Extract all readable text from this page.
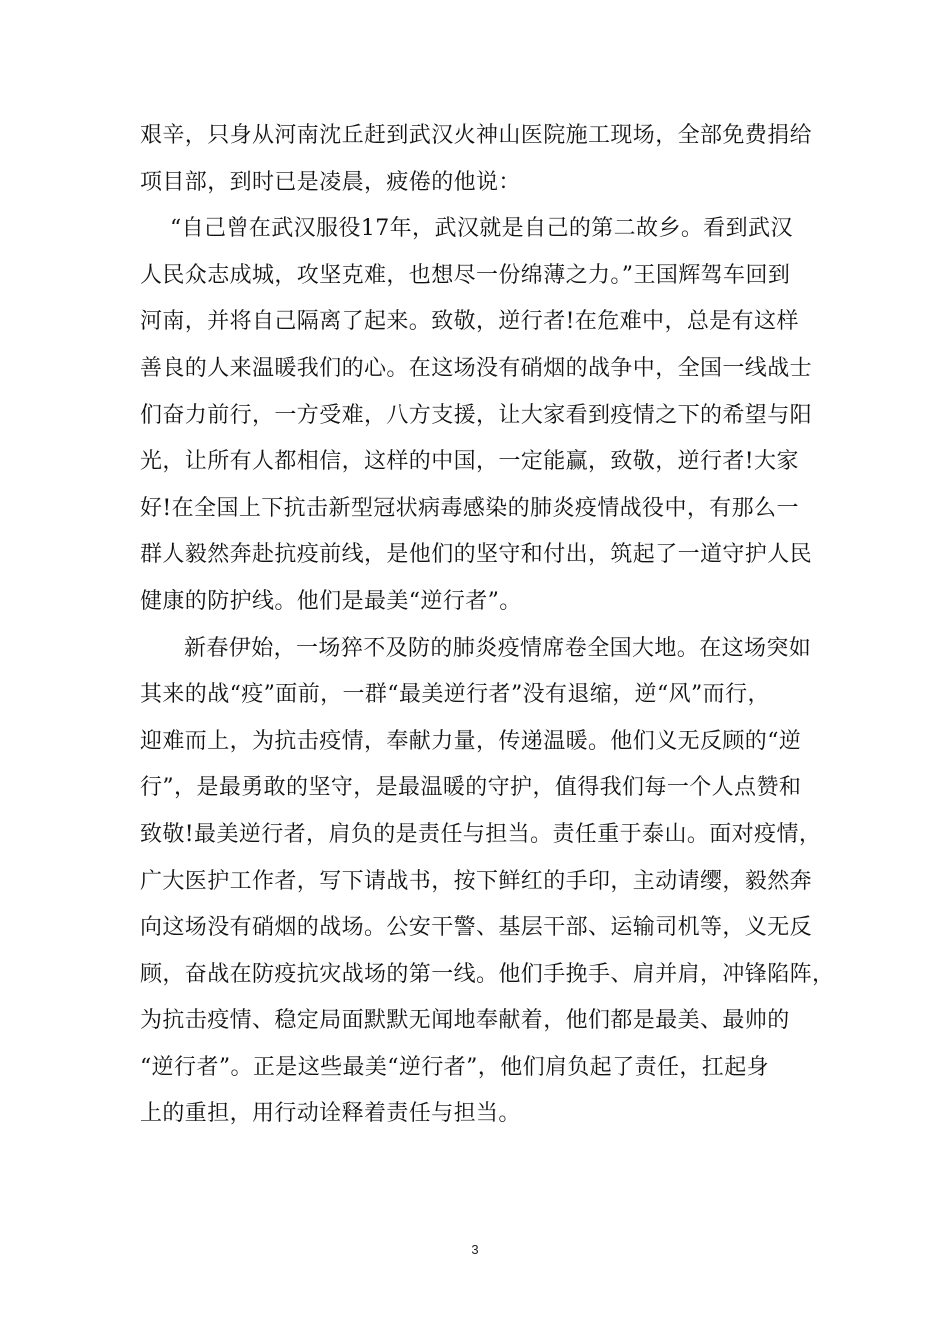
艰辛，只身从河南沈丘赶到武汉火神山医院施工现场，全部免费捐给
项目部，到时已是凌晨，疲倦的他说：
“自己曾在武汉服役17年，武汉就是自己的第二故乡。看到武汉
人民众志成城，攻坚克难，也想尽一份绵薄之力。”王国辉驾车回到
河南，并将自己隔离了起来。致敬，逆行者!在危难中，总是有这样
善良的人来温暖我们的心。在这场没有硝烟的战争中，全国一线战士
们奋力前行，一方受难，八方支援，让大家看到疫情之下的希望与阳
光，让所有人都相信，这样的中国，一定能赢，致敬，逆行者!大家
好!在全国上下抗击新型冠状病毒感染的肺炎疫情战役中，有那么一
群人毅然奔赴抗疫前线，是他们的坚守和付出，筑起了一道守护人民
健康的防护线。他们是最美“逆行者”。
新春伊始，一场猝不及防的肺炎疫情席卷全国大地。在这场突如
其来的战“疫”面前，一群“最美逆行者”没有退缩，逆“风”而行，
迎难而上，为抗击疫情，奉献力量，传递温暖。他们义无反顾的“逆
行”，是最勇敢的坚守，是最温暖的守护，值得我们每一个人点赞和
致敬!最美逆行者，肩负的是责任与担当。责任重于泰山。面对疫情，
广大医护工作者，写下请战书，按下鲜红的手印，主动请缨，毅然奔
向这场没有硝烟的战场。公安干警、基层干部、运输司机等，义无反
顾，奋战在防疫抗灾战场的第一线。他们手挽手、肩并肩，冲锋陷阵，
为抗击疫情、稳定局面默默无闻地奉献着，他们都是最美、最帅的
“逆行者”。正是这些最美“逆行者”，他们肩负起了责任，扛起身
上的重担，用行动诠释着责任与担当。
3
